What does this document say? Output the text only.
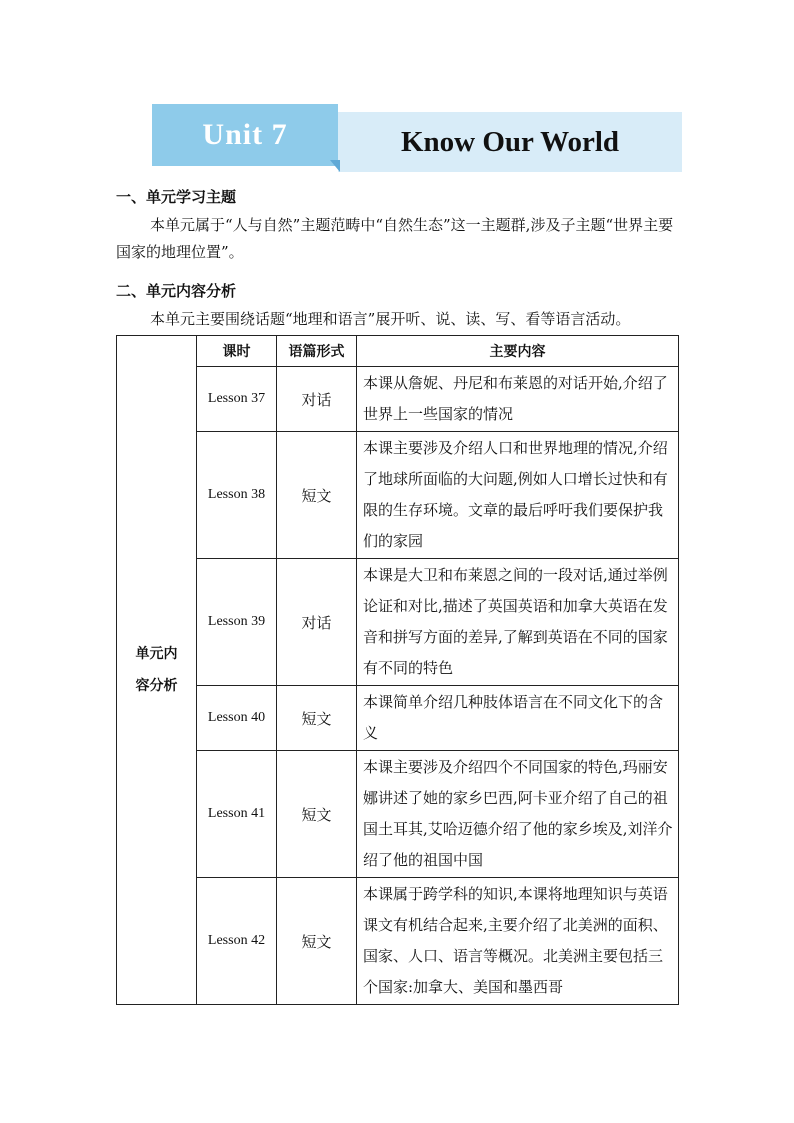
Know Our World
Unit 7
一、单元学习主题
本单元属于“人与自然”主题范畴中“自然生态”这一主题群,涉及子主题“世界主要国家的地理位置”。
二、单元内容分析
本单元主要围绕话题“地理和语言”展开听、说、读、写、看等语言活动。
单元内容分析	课时	语篇形式	主要内容
	Lesson 37	对话	本课从詹妮、丹尼和布莱恩的对话开始,介绍了世界上一些国家的情况
	Lesson 38	短文	本课主要涉及介绍人口和世界地理的情况,介绍了地球所面临的大问题,例如人口增长过快和有限的生存环境。文章的最后呼吁我们要保护我们的家园
	Lesson 39	对话	本课是大卫和布莱恩之间的一段对话,通过举例论证和对比,描述了英国英语和加拿大英语在发音和拼写方面的差异,了解到英语在不同的国家有不同的特色
	Lesson 40	短文	本课简单介绍几种肢体语言在不同文化下的含义
	Lesson 41	短文	本课主要涉及介绍四个不同国家的特色,玛丽安娜讲述了她的家乡巴西,阿卡亚介绍了自己的祖国土耳其,艾哈迈德介绍了他的家乡埃及,刘洋介绍了他的祖国中国
	Lesson 42	短文	本课属于跨学科的知识,本课将地理知识与英语课文有机结合起来,主要介绍了北美洲的面积、国家、人口、语言等概况。北美洲主要包括三个国家:加拿大、美国和墨西哥
